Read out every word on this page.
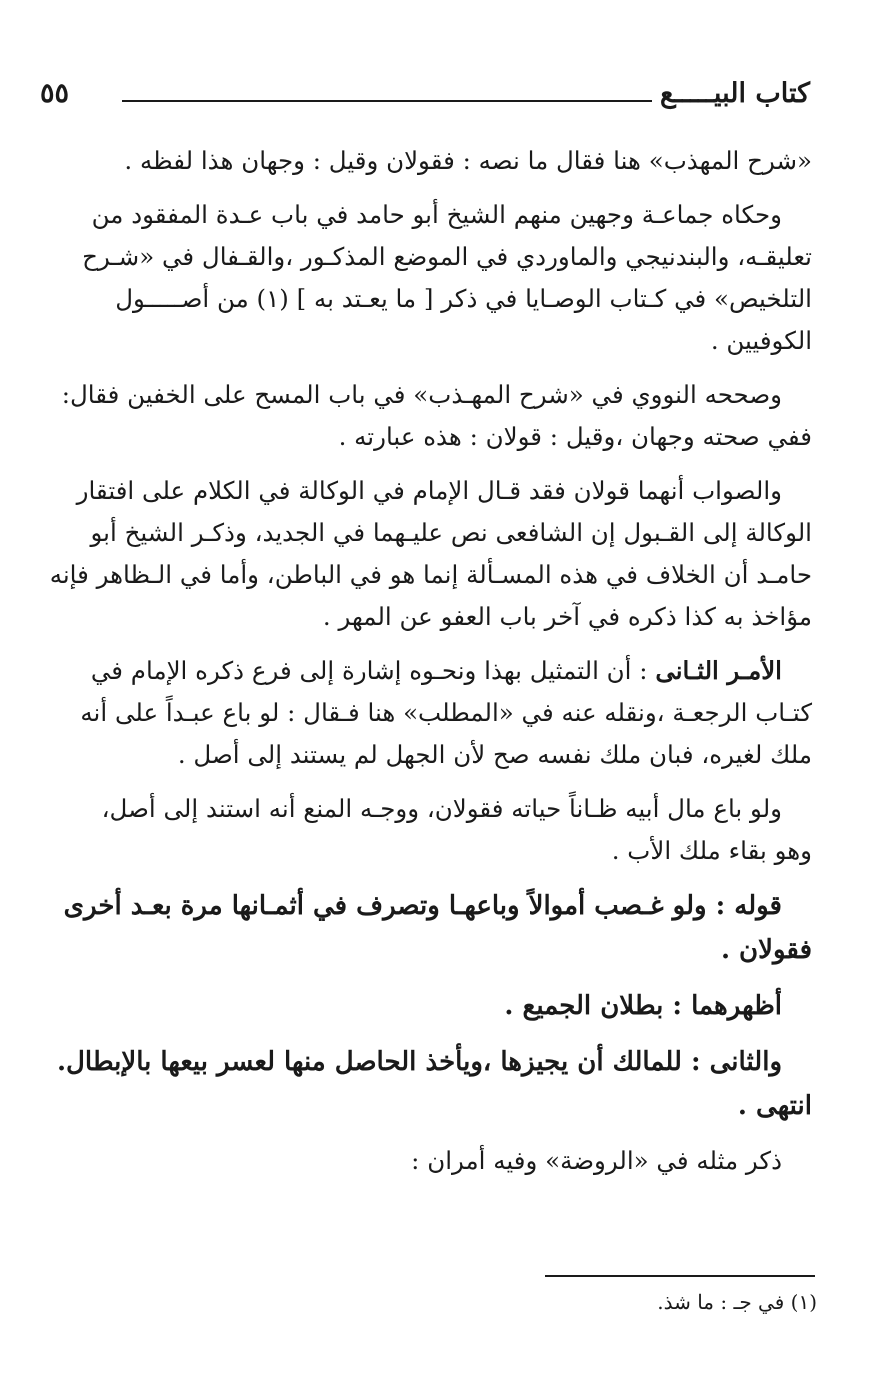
كتاب البيـــــع
٥٥

«شرح المهذب» هنا فقال ما نصه : فقولان وقيل : وجهان هذا لفظه .

وحكاه جماعـة وجهين منهم الشيخ أبو حامد في باب عـدة المفقود من
تعليقـه، والبندنيجي والماوردي في الموضع المذكـور ،والقـفال في «شـرح
التلخيص» في كـتاب الوصـايا في ذكر [ ما يعـتد به ] (١) من أصـــــول
الكوفيين .

وصححه النووي في «شرح المهـذب» في باب المسح على الخفين فقال:
ففي صحته وجهان ،وقيل : قولان : هذه عبارته .

والصواب أنهما قولان فقد قـال الإمام في الوكالة في الكلام على افتقار
الوكالة إلى القـبول إن الشافعى نص عليـهما في الجديد، وذكـر الشيخ أبو
حامـد أن الخلاف في هذه المسـألة إنما هو في الباطن، وأما في الـظاهر فإنه
مؤاخذ به كذا ذكره في آخر باب العفو عن المهر .

الأمـر الثـانى : أن التمثيل بهذا ونحـوه إشارة إلى فرع ذكره الإمام في
كتـاب الرجعـة ،ونقله عنه في «المطلب» هنا فـقال : لو باع عبـداً على أنه
ملك لغيره، فبان ملك نفسه صح لأن الجهل لم يستند إلى أصل .

ولو باع مال أبيه ظـاناً حياته فقولان، ووجـه المنع أنه استند إلى أصل،
وهو بقاء ملك الأب .

قوله : ولو غـصب أموالاً وباعهـا وتصرف في أثمـانها مرة بعـد أخرى
فقولان .

أظهرهما : بطلان الجميع .

والثانى : للمالك أن يجيزها ،ويأخذ الحاصل منها لعسر بيعها بالإبطال.
انتهى .

ذكر مثله في «الروضة» وفيه أمران :

(١) في جـ : ما شذ.
